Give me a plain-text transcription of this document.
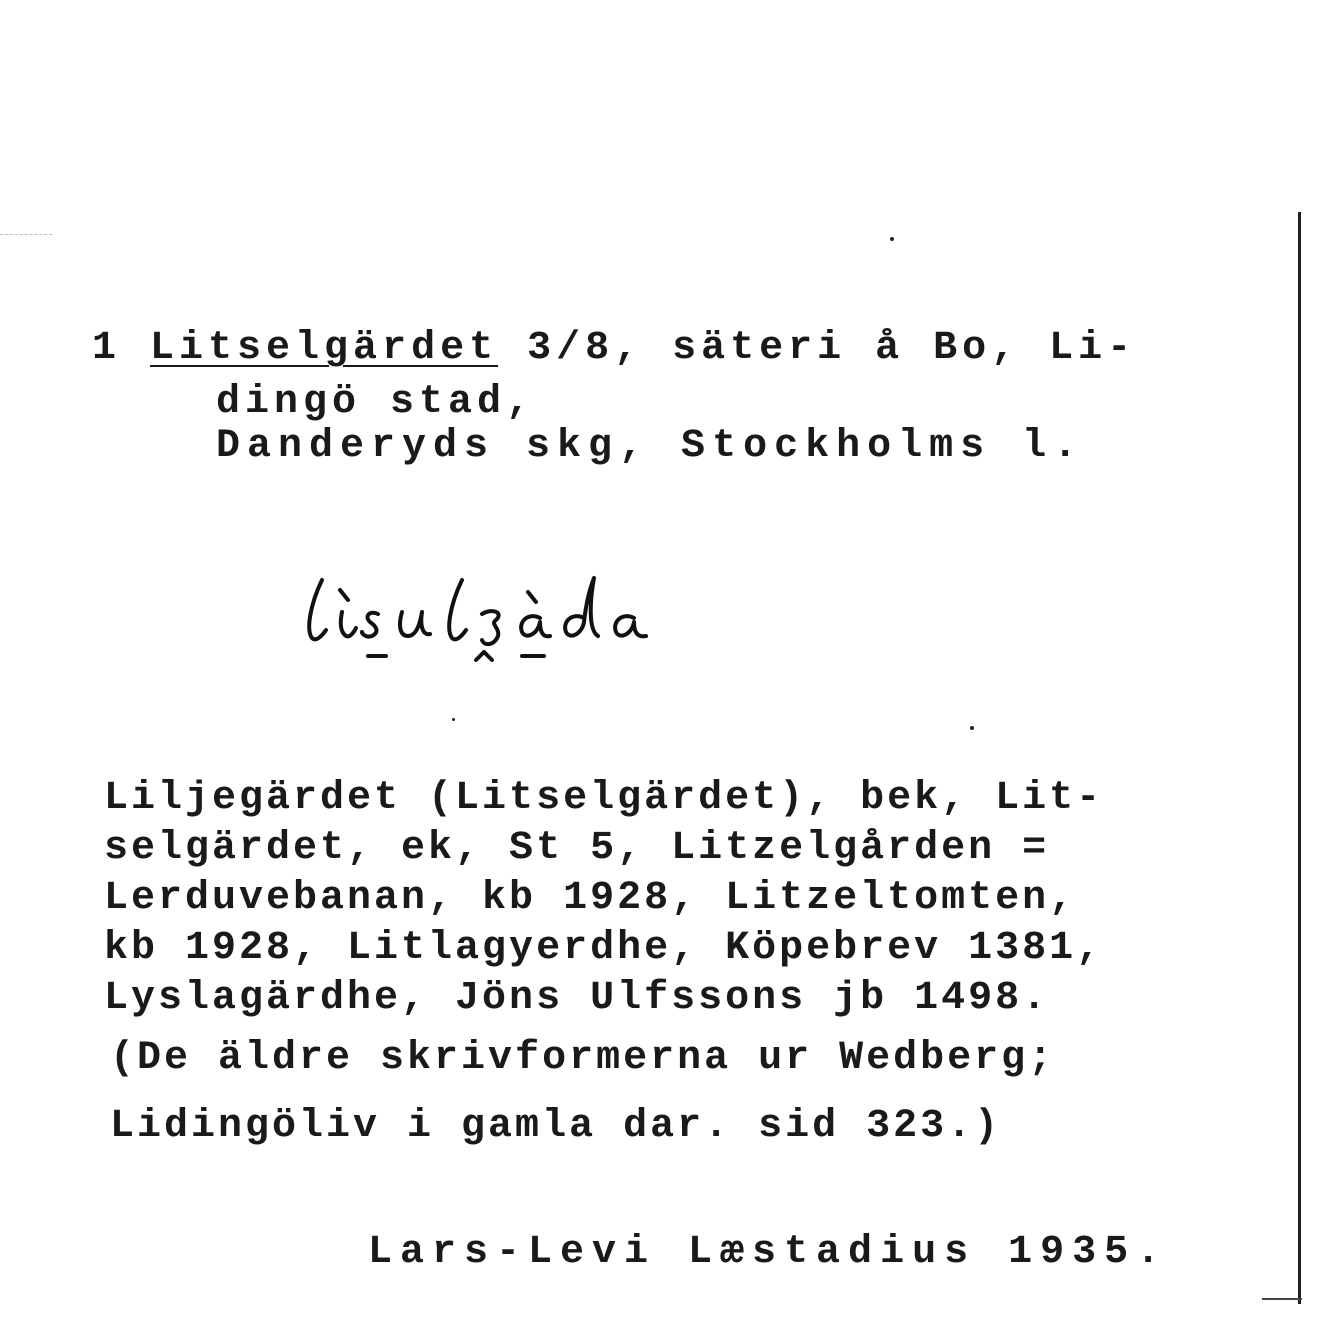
1 Litselgärdet 3/8, säteri å Bo, Li-
dingö stad,
Danderyds skg, Stockholms l.
Liljegärdet (Litselgärdet), bek, Lit-
selgärdet, ek, St 5, Litzelgården =
Lerduvebanan, kb 1928, Litzeltomten,
kb 1928, Litlagyerdhe, Köpebrev 1381,
Lyslagärdhe, Jöns Ulfssons jb 1498.
(De äldre skrivformerna ur Wedberg;
Lidingöliv i gamla dar. sid 323.)
Lars-Levi Læstadius 1935.
